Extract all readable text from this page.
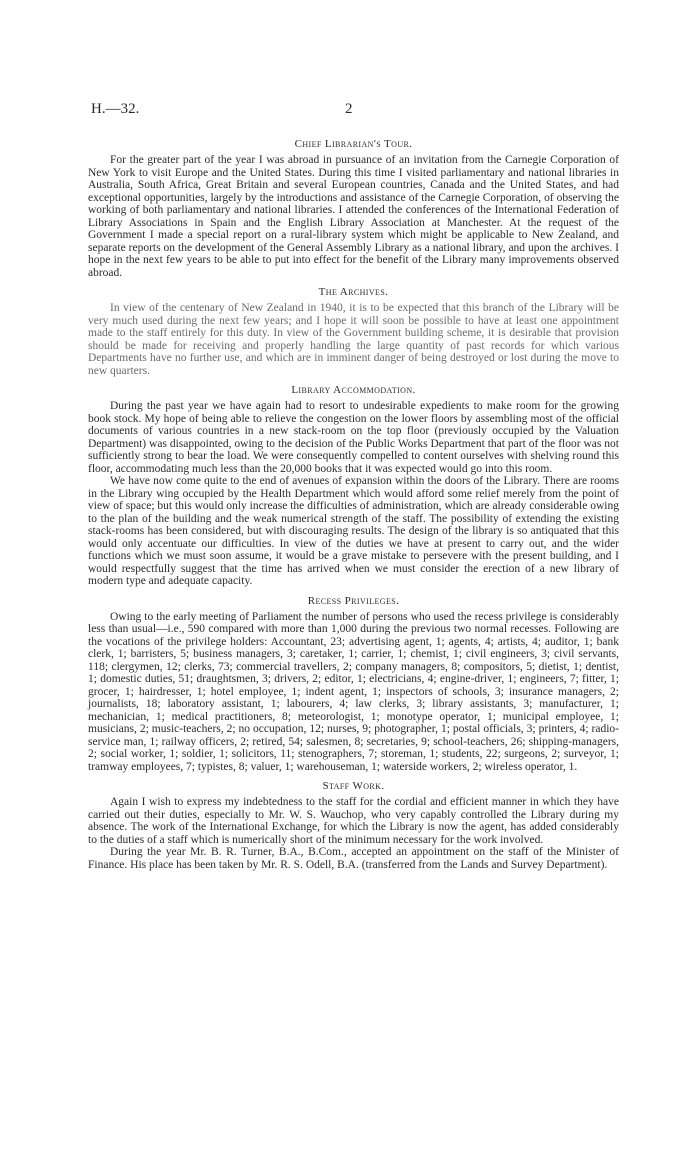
H.—32.	2
Chief Librarian's Tour.

For the greater part of the year I was abroad in pursuance of an invitation from the Carnegie Corporation of New York to visit Europe and the United States. During this time I visited parliamentary and national libraries in Australia, South Africa, Great Britain and several European countries, Canada and the United States, and had exceptional opportunities, largely by the introductions and assistance of the Carnegie Corporation, of observing the working of both parliamentary and national libraries. I attended the conferences of the International Federation of Library Associations in Spain and the English Library Association at Manchester. At the request of the Government I made a special report on a rural-library system which might be applicable to New Zealand, and separate reports on the development of the General Assembly Library as a national library, and upon the archives. I hope in the next few years to be able to put into effect for the benefit of the Library many improvements observed abroad.

The Archives.

In view of the centenary of New Zealand in 1940, it is to be expected that this branch of the Library will be very much used during the next few years; and I hope it will soon be possible to have at least one appointment made to the staff entirely for this duty. In view of the Government building scheme, it is desirable that provision should be made for receiving and properly handling the large quantity of past records for which various Departments have no further use, and which are in imminent danger of being destroyed or lost during the move to new quarters.

Library Accommodation.

During the past year we have again had to resort to undesirable expedients to make room for the growing book stock. My hope of being able to relieve the congestion on the lower floors by assembling most of the official documents of various countries in a new stack-room on the top floor (previously occupied by the Valuation Department) was disappointed, owing to the decision of the Public Works Department that part of the floor was not sufficiently strong to bear the load. We were consequently compelled to content ourselves with shelving round this floor, accommodating much less than the 20,000 books that it was expected would go into this room.

We have now come quite to the end of avenues of expansion within the doors of the Library. There are rooms in the Library wing occupied by the Health Department which would afford some relief merely from the point of view of space; but this would only increase the difficulties of administration, which are already considerable owing to the plan of the building and the weak numerical strength of the staff. The possibility of extending the existing stack-rooms has been considered, but with discouraging results. The design of the library is so antiquated that this would only accentuate our difficulties. In view of the duties we have at present to carry out, and the wider functions which we must soon assume, it would be a grave mistake to persevere with the present building, and I would respectfully suggest that the time has arrived when we must consider the erection of a new library of modern type and adequate capacity.

Recess Privileges.

Owing to the early meeting of Parliament the number of persons who used the recess privilege is considerably less than usual—i.e., 590 compared with more than 1,000 during the previous two normal recesses. Following are the vocations of the privilege holders: Accountant, 23; advertising agent, 1; agents, 4; artists, 4; auditor, 1; bank clerk, 1; barristers, 5; business managers, 3; caretaker, 1; carrier, 1; chemist, 1; civil engineers, 3; civil servants, 118; clergymen, 12; clerks, 73; commercial travellers, 2; company managers, 8; compositors, 5; dietist, 1; dentist, 1; domestic duties, 51; draughtsmen, 3; drivers, 2; editor, 1; electricians, 4; engine-driver, 1; engineers, 7; fitter, 1; grocer, 1; hairdresser, 1; hotel employee, 1; indent agent, 1; inspectors of schools, 3; insurance managers, 2; journalists, 18; laboratory assistant, 1; labourers, 4; law clerks, 3; library assistants, 3; manufacturer, 1; mechanician, 1; medical practitioners, 8; meteorologist, 1; monotype operator, 1; municipal employee, 1; musicians, 2; music-teachers, 2; no occupation, 12; nurses, 9; photographer, 1; postal officials, 3; printers, 4; radio-service man, 1; railway officers, 2; retired, 54; salesmen, 8; secretaries, 9; school-teachers, 26; shipping-managers, 2; social worker, 1; soldier, 1; solicitors, 11; stenographers, 7; storeman, 1; students, 22; surgeons, 2; surveyor, 1; tramway employees, 7; typistes, 8; valuer, 1; warehouseman, 1; waterside workers, 2; wireless operator, 1.

Staff Work.

Again I wish to express my indebtedness to the staff for the cordial and efficient manner in which they have carried out their duties, especially to Mr. W. S. Wauchop, who very capably controlled the Library during my absence. The work of the International Exchange, for which the Library is now the agent, has added considerably to the duties of a staff which is numerically short of the minimum necessary for the work involved.

During the year Mr. B. R. Turner, B.A., B.Com., accepted an appointment on the staff of the Minister of Finance. His place has been taken by Mr. R. S. Odell, B.A. (transferred from the Lands and Survey Department).
